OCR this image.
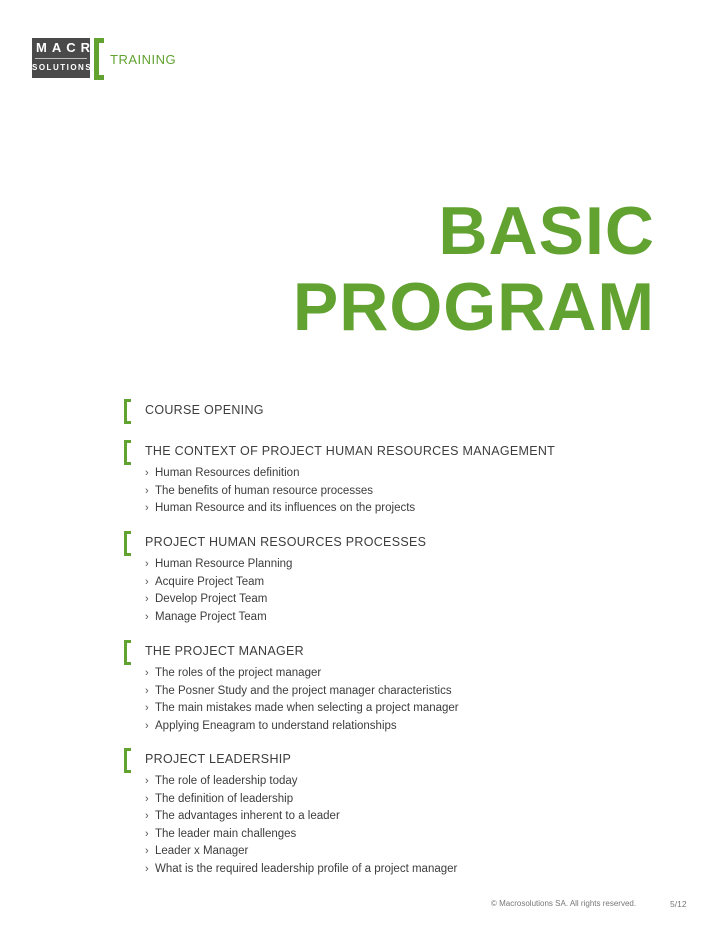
MACRO
SOLUTIONS
TRAINING
BASIC
PROGRAM
COURSE OPENING
THE CONTEXT OF PROJECT HUMAN RESOURCES MANAGEMENT
› Human Resources definition
› The benefits of human resource processes
› Human Resource and its influences on the projects
PROJECT HUMAN RESOURCES PROCESSES
› Human Resource Planning
› Acquire Project Team
› Develop Project Team
› Manage Project Team
THE PROJECT MANAGER
› The roles of the project manager
› The Posner Study and the project manager characteristics
› The main mistakes made when selecting a project manager
› Applying Eneagram to understand relationships
PROJECT LEADERSHIP
› The role of leadership today
› The definition of leadership
› The advantages inherent to a leader
› The leader main challenges
› Leader x Manager
› What is the required leadership profile of a project manager
© Macrosolutions SA. All rights reserved.	5/12
